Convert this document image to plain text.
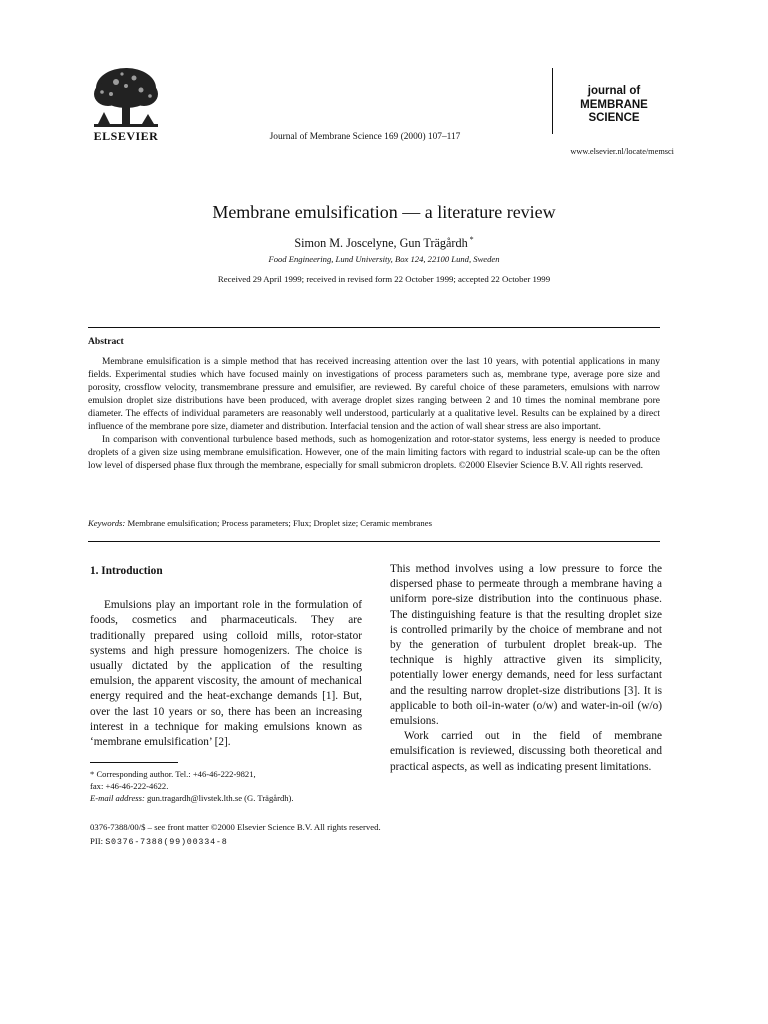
ELSEVIER	Journal of Membrane Science 169 (2000) 107–117
journal of
MEMBRANE
SCIENCE
www.elsevier.nl/locate/memsci
Membrane emulsification — a literature review
Simon M. Joscelyne, Gun Trägårdh *
Food Engineering, Lund University, Box 124, 22100 Lund, Sweden
Received 29 April 1999; received in revised form 22 October 1999; accepted 22 October 1999
Abstract

Membrane emulsification is a simple method that has received increasing attention over the last 10 years, with potential applications in many fields. Experimental studies which have focused mainly on investigations of process parameters such as, membrane type, average pore size and porosity, crossflow velocity, transmembrane pressure and emulsifier, are reviewed. By careful choice of these parameters, emulsions with narrow emulsion droplet size distributions have been produced, with average droplet sizes ranging between 2 and 10 times the nominal membrane pore diameter. The effects of individual parameters are reasonably well understood, particularly at a qualitative level. Results can be explained by a direct influence of the membrane pore size, diameter and distribution. Interfacial tension and the action of wall shear stress are also important.

In comparison with conventional turbulence based methods, such as homogenization and rotor-stator systems, less energy is needed to produce droplets of a given size using membrane emulsification. However, one of the main limiting factors with regard to industrial scale-up can be the often low level of dispersed phase flux through the membrane, especially for small submicron droplets. ©2000 Elsevier Science B.V. All rights reserved.

Keywords: Membrane emulsification; Process parameters; Flux; Droplet size; Ceramic membranes

1. Introduction

Emulsions play an important role in the formulation of foods, cosmetics and pharmaceuticals. They are traditionally prepared using colloid mills, rotor-stator systems and high pressure homogenizers. The choice is usually dictated by the application of the resulting emulsion, the apparent viscosity, the amount of mechanical energy required and the heat-exchange demands [1]. But, over the last 10 years or so, there has been an increasing interest in a technique for making emulsions known as ‘membrane emulsification’ [2].

This method involves using a low pressure to force the dispersed phase to permeate through a membrane having a uniform pore-size distribution into the continuous phase. The distinguishing feature is that the resulting droplet size is controlled primarily by the choice of membrane and not by the generation of turbulent droplet break-up. The technique is highly attractive given its simplicity, potentially lower energy demands, need for less surfactant and the resulting narrow droplet-size distributions [3]. It is applicable to both oil-in-water (o/w) and water-in-oil (w/o) emulsions.

Work carried out in the field of membrane emulsification is reviewed, discussing both theoretical and practical aspects, as well as indicating present limitations.

* Corresponding author. Tel.: +46-46-222-9821,
fax: +46-46-222-4622.
E-mail address: gun.tragardh@livstek.lth.se (G. Trägårdh).
0376-7388/00/$ – see front matter ©2000 Elsevier Science B.V. All rights reserved.
PII: S0376-7388(99)00334-8
